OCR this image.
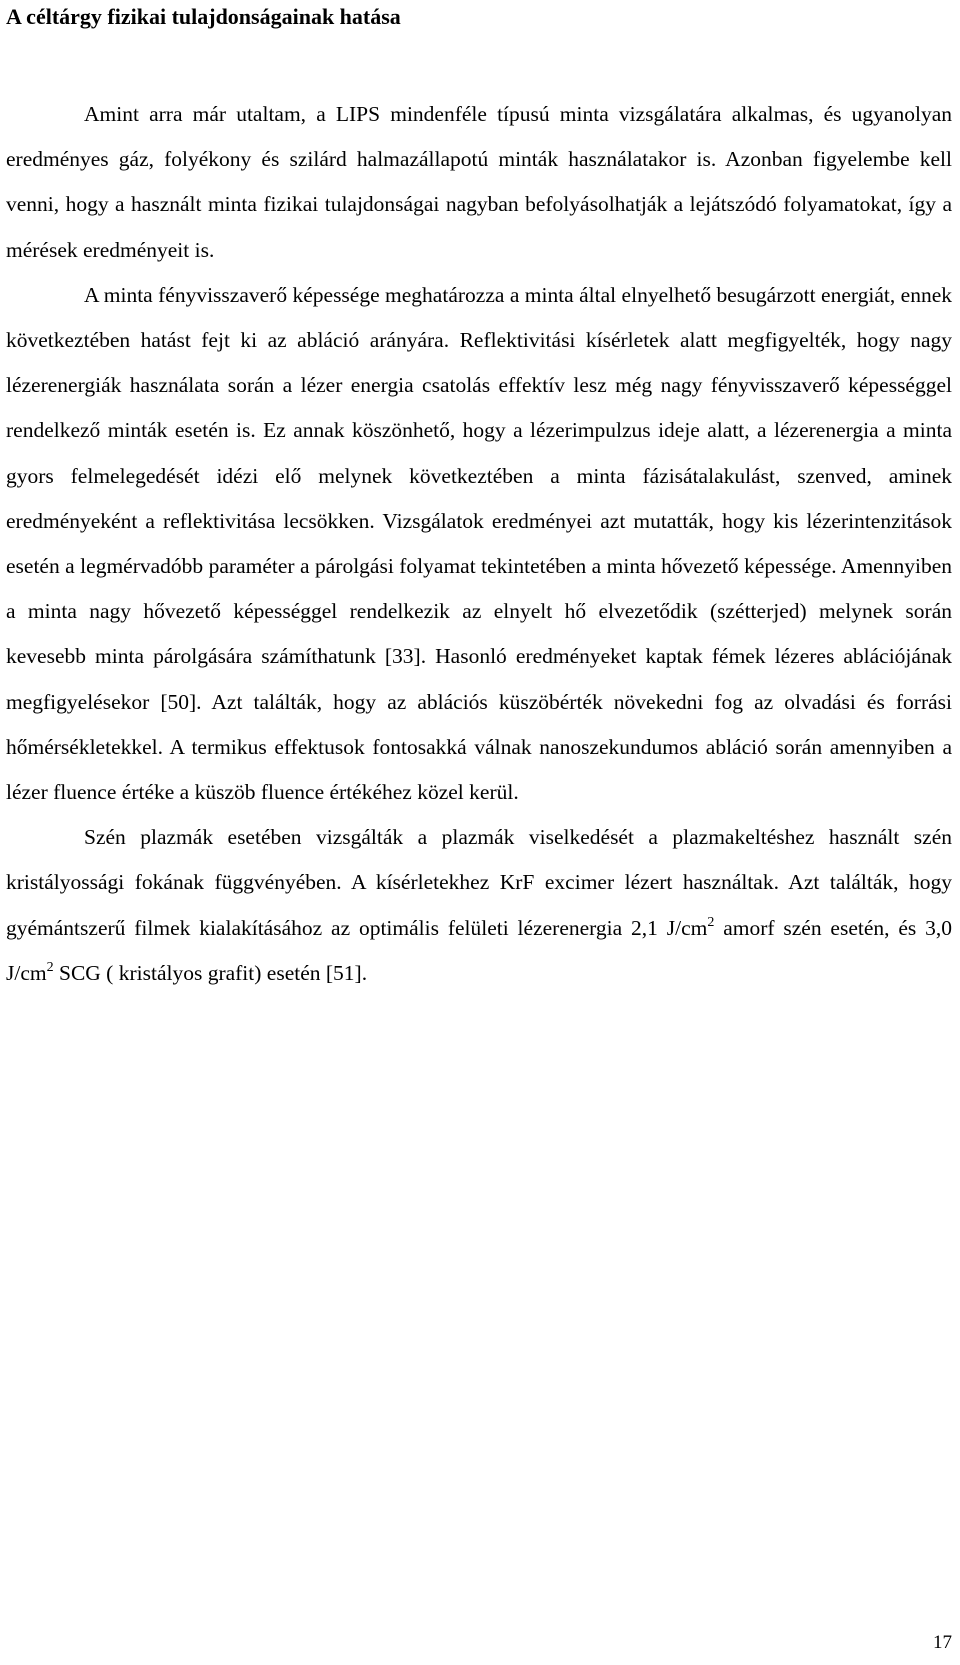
A céltárgy fizikai tulajdonságainak hatása

Amint arra már utaltam, a LIPS mindenféle típusú minta vizsgálatára alkalmas, és ugyanolyan eredményes gáz, folyékony és szilárd halmazállapotú minták használatakor is. Azonban figyelembe kell venni, hogy a használt minta fizikai tulajdonságai nagyban befolyásolhatják a lejátszódó folyamatokat, így a mérések eredményeit is.

A minta fényvisszaverő képessége meghatározza a minta által elnyelhető besugárzott energiát, ennek következtében hatást fejt ki az abláció arányára. Reflektivitási kísérletek alatt megfigyelték, hogy nagy lézerenergiák használata során a lézer energia csatolás effektív lesz még nagy fényvisszaverő képességgel rendelkező minták esetén is. Ez annak köszönhető, hogy a lézerimpulzus ideje alatt, a lézerenergia a minta gyors felmelegedését idézi elő melynek következtében a minta fázisátalakulást, szenved, aminek eredményeként a reflektivitása lecsökken. Vizsgálatok eredményei azt mutatták, hogy kis lézerintenzitások esetén a legmérvadóbb paraméter a párolgási folyamat tekintetében a minta hővezető képessége. Amennyiben a minta nagy hővezető képességgel rendelkezik az elnyelt hő elvezetődik (szétterjed) melynek során kevesebb minta párolgására számíthatunk [33]. Hasonló eredményeket kaptak fémek lézeres ablációjának megfigyelésekor [50]. Azt találták, hogy az ablációs küszöbérték növekedni fog az olvadási és forrási hőmérsékletekkel. A termikus effektusok fontosakká válnak nanoszekundumos abláció során amennyiben a lézer fluence értéke a küszöb fluence értékéhez közel kerül.

Szén plazmák esetében vizsgálták a plazmák viselkedését a plazmakeltéshez használt szén kristályossági fokának függvényében. A kísérletekhez KrF excimer lézert használtak. Azt találták, hogy gyémántszerű filmek kialakításához az optimális felületi lézerenergia 2,1 $J/cm^2$ amorf szén esetén, és 3,0 $J/cm^2$ SCG ( kristályos grafit) esetén [51].

17
